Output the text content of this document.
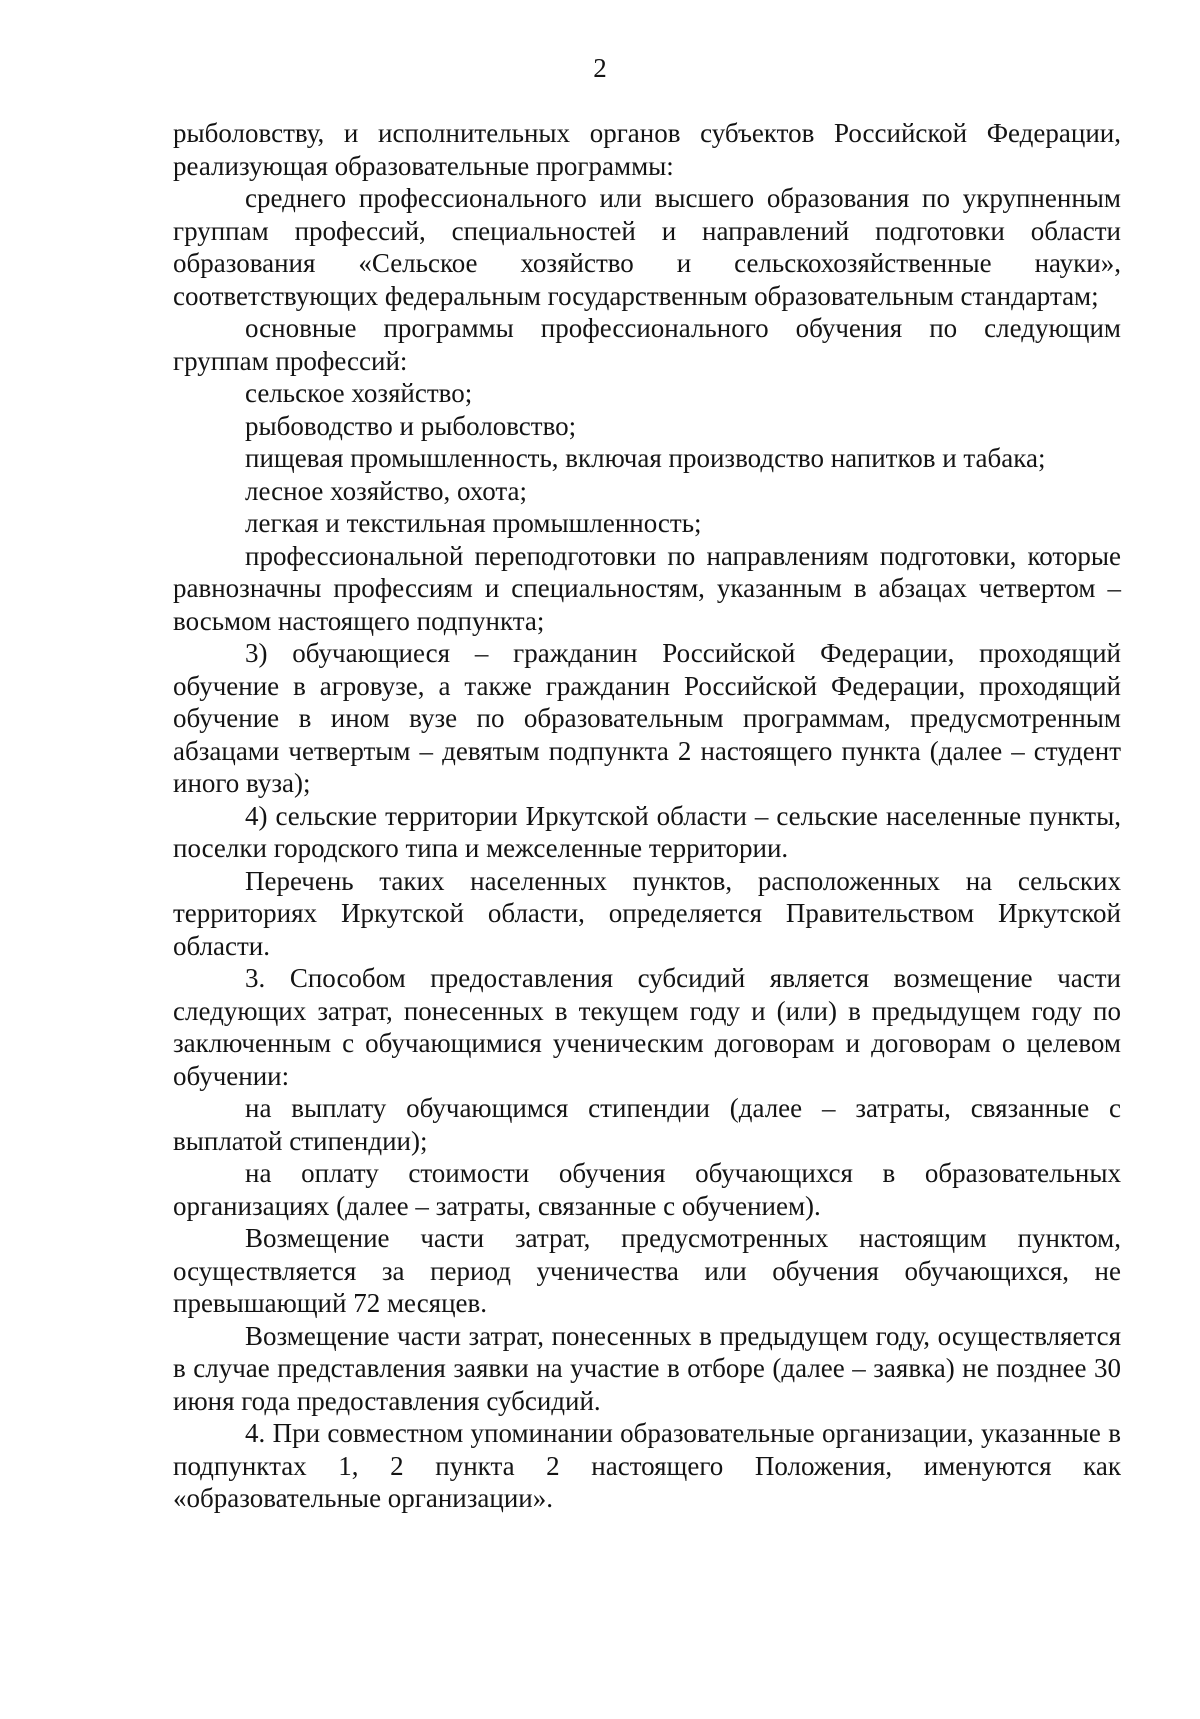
2

рыболовству, и исполнительных органов субъектов Российской Федерации, реализующая образовательные программы:

среднего профессионального или высшего образования по укрупненным группам профессий, специальностей и направлений подготовки области образования «Сельское хозяйство и сельскохозяйственные науки», соответствующих федеральным государственным образовательным стандартам;

основные программы профессионального обучения по следующим группам профессий:

сельское хозяйство;

рыбоводство и рыболовство;

пищевая промышленность, включая производство напитков и табака;

лесное хозяйство, охота;

легкая и текстильная промышленность;

профессиональной переподготовки по направлениям подготовки, которые равнозначны профессиям и специальностям, указанным в абзацах четвертом – восьмом настоящего подпункта;

3) обучающиеся – гражданин Российской Федерации, проходящий обучение в агровузе, а также гражданин Российской Федерации, проходящий обучение в ином вузе по образовательным программам, предусмотренным абзацами четвертым – девятым подпункта 2 настоящего пункта (далее – студент иного вуза);

4) сельские территории Иркутской области – сельские населенные пункты, поселки городского типа и межселенные территории.

Перечень таких населенных пунктов, расположенных на сельских территориях Иркутской области, определяется Правительством Иркутской области.

3. Способом предоставления субсидий является возмещение части следующих затрат, понесенных в текущем году и (или) в предыдущем году по заключенным с обучающимися ученическим договорам и договорам о целевом обучении:

на выплату обучающимся стипендии (далее – затраты, связанные с выплатой стипендии);

на оплату стоимости обучения обучающихся в образовательных организациях (далее – затраты, связанные с обучением).

Возмещение части затрат, предусмотренных настоящим пунктом, осуществляется за период ученичества или обучения обучающихся, не превышающий 72 месяцев.

Возмещение части затрат, понесенных в предыдущем году, осуществляется в случае представления заявки на участие в отборе (далее – заявка) не позднее 30 июня года предоставления субсидий.

4. При совместном упоминании образовательные организации, указанные в подпунктах 1, 2 пункта 2 настоящего Положения, именуются как «образовательные организации».
